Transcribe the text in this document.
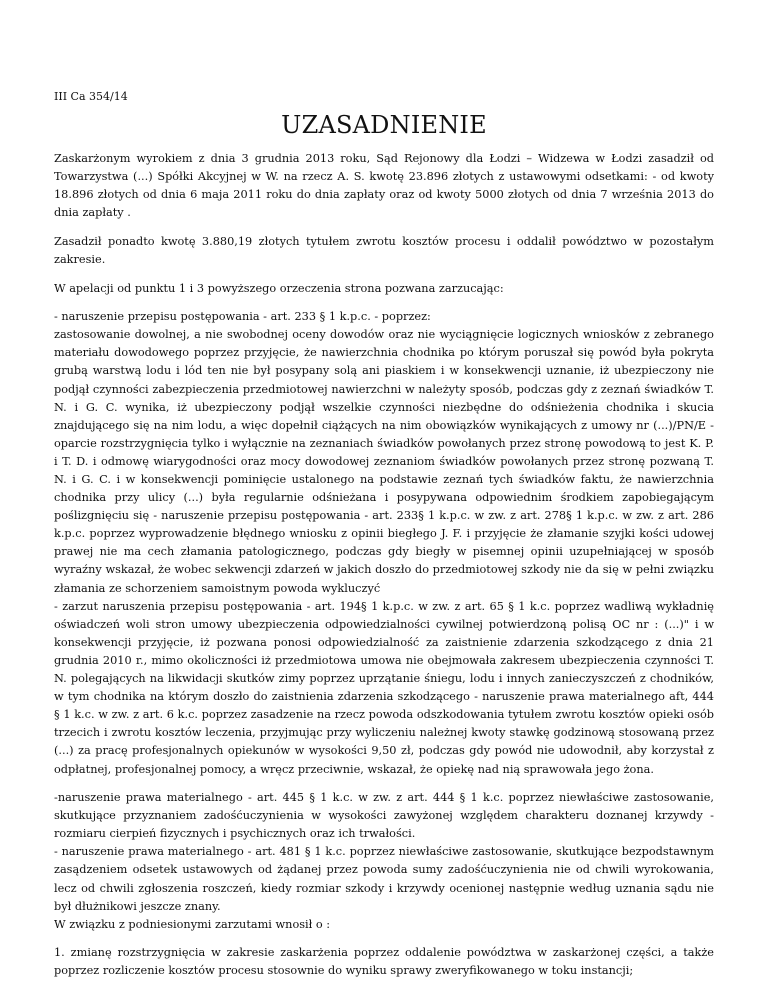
III Ca 354/14
UZASADNIENIE

Zaskarżonym wyrokiem z dnia 3 grudnia 2013 roku, Sąd Rejonowy dla Łodzi – Widzewa w Łodzi zasadził od Towarzystwa (...) Spółki Akcyjnej w W. na rzecz A. S. kwotę 23.896 złotych z ustawowymi odsetkami: - od kwoty 18.896 złotych od dnia 6 maja 2011 roku do dnia zapłaty oraz od kwoty 5000 złotych od dnia 7 września 2013 do dnia zapłaty .

Zasadził ponadto kwotę 3.880,19 złotych tytułem zwrotu kosztów procesu i oddalił powództwo w pozostałym zakresie.

W apelacji od punktu 1 i 3 powyższego orzeczenia strona pozwana zarzucając:

- naruszenie przepisu postępowania - art. 233 § 1 k.p.c. - poprzez:
zastosowanie dowolnej, a nie swobodnej oceny dowodów oraz nie wyciągnięcie logicznych wniosków z zebranego materiału dowodowego poprzez przyjęcie, że nawierzchnia chodnika po którym poruszał się powód była pokryta grubą warstwą lodu i lód ten nie był posypany solą ani piaskiem i w konsekwencji uznanie, iż ubezpieczony nie podjął czynności zabezpieczenia przedmiotowej nawierzchni w należyty sposób, podczas gdy z zeznań świadków T. N. i G. C. wynika, iż ubezpieczony podjął wszelkie czynności niezbędne do odśnieżenia chodnika i skucia znajdującego się na nim lodu, a więc dopełnił ciążących na nim obowiązków wynikających z umowy nr (...)/PN/E - oparcie rozstrzygnięcia tylko i wyłącznie na zeznaniach świadków powołanych przez stronę powodową to jest K. P. i T. D. i odmowę wiarygodności oraz mocy dowodowej zeznaniom świadków powołanych przez stronę pozwaną T. N. i G. C. i w konsekwencji pominięcie ustalonego na podstawie zeznań tych świadków faktu, że nawierzchnia chodnika przy ulicy (...) była regularnie odśnieżana i posypywana odpowiednim środkiem zapobiegającym poślizgnięciu się - naruszenie przepisu postępowania - art. 233§ 1 k.p.c. w zw. z art. 278§ 1 k.p.c. w zw. z art. 286 k.p.c. poprzez wyprowadzenie błędnego wniosku z opinii biegłego J. F. i przyjęcie że złamanie szyjki kości udowej prawej nie ma cech złamania patologicznego, podczas gdy biegły w pisemnej opinii uzupełniającej w sposób wyraźny wskazał, że wobec sekwencji zdarzeń w jakich doszło do przedmiotowej szkody nie da się w pełni związku złamania ze schorzeniem samoistnym powoda wykluczyć
- zarzut naruszenia przepisu postępowania - art. 194§ 1 k.p.c. w zw. z art. 65 § 1 k.c. poprzez wadliwą wykładnię oświadczeń woli stron umowy ubezpieczenia odpowiedzialności cywilnej potwierdzoną polisą OC nr : (...)" i w konsekwencji przyjęcie, iż pozwana ponosi odpowiedzialność za zaistnienie zdarzenia szkodzącego z dnia 21 grudnia 2010 r., mimo okoliczności iż przedmiotowa umowa nie obejmowała zakresem ubezpieczenia czynności T. N. polegających na likwidacji skutków zimy poprzez uprzątanie śniegu, lodu i innych zanieczyszczeń z chodników, w tym chodnika na którym doszło do zaistnienia zdarzenia szkodzącego - naruszenie prawa materialnego aft, 444 § 1 k.c. w zw. z art. 6 k.c. poprzez zasadzenie na rzecz powoda odszkodowania tytułem zwrotu kosztów opieki osób trzecich i zwrotu kosztów leczenia, przyjmując przy wyliczeniu należnej kwoty stawkę godzinową stosowaną przez (...) za pracę profesjonalnych opiekunów w wysokości 9,50 zł, podczas gdy powód nie udowodnił, aby korzystał z odpłatnej, profesjonalnej pomocy, a wręcz przeciwnie, wskazał, że opiekę nad nią sprawowała jego żona.

-naruszenie prawa materialnego - art. 445 § 1 k.c. w zw. z art. 444 § 1 k.c. poprzez niewłaściwe zastosowanie, skutkujące przyznaniem zadośćuczynienia w wysokości zawyżonej względem charakteru doznanej krzywdy - rozmiaru cierpień fizycznych i psychicznych oraz ich trwałości.
- naruszenie prawa materialnego - art. 481 § 1 k.c. poprzez niewłaściwe zastosowanie, skutkujące bezpodstawnym zasądzeniem odsetek ustawowych od żądanej przez powoda sumy zadośćuczynienia nie od chwili wyrokowania, lecz od chwili zgłoszenia roszczeń, kiedy rozmiar szkody i krzywdy ocenionej następnie według uznania sądu nie był dłużnikowi jeszcze znany.
W związku z podniesionymi zarzutami wnosił o :

1. zmianę rozstrzygnięcia w zakresie zaskarżenia poprzez oddalenie powództwa w zaskarżonej części, a także poprzez rozliczenie kosztów procesu stosownie do wyniku sprawy zweryfikowanego w toku instancji;
